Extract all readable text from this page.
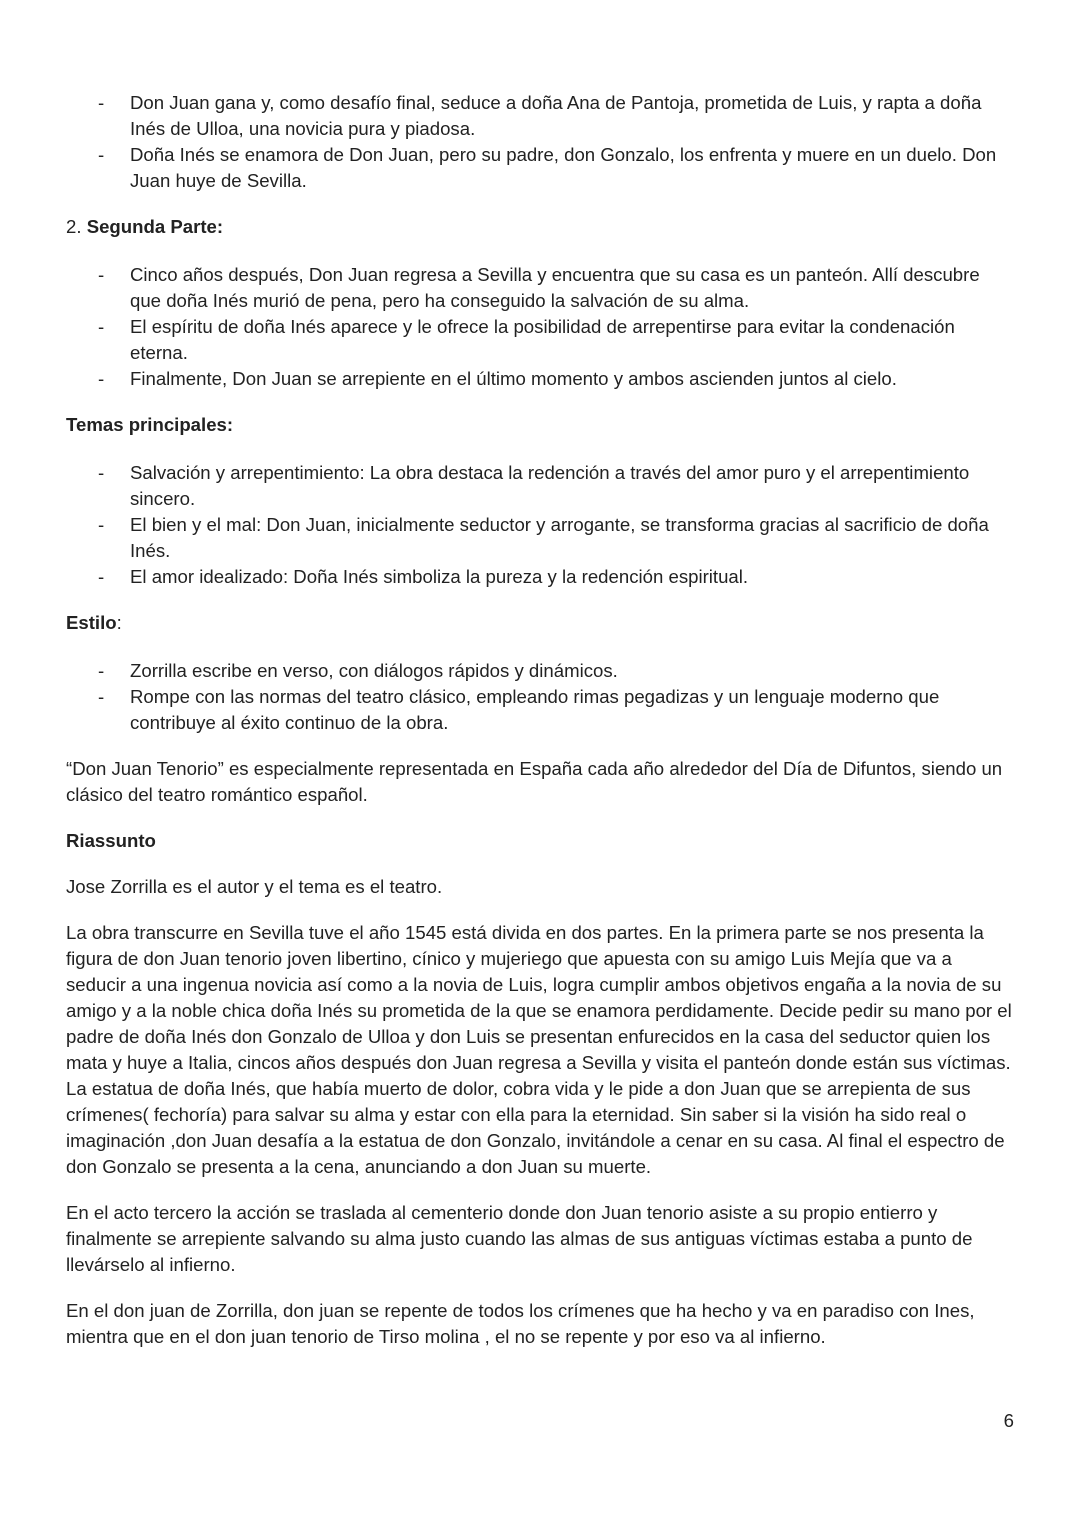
- Don Juan gana y, como desafío final, seduce a doña Ana de Pantoja, prometida de Luis, y rapta a doña Inés de Ulloa, una novicia pura y piadosa.
- Doña Inés se enamora de Don Juan, pero su padre, don Gonzalo, los enfrenta y muere en un duelo. Don Juan huye de Sevilla.

2. Segunda Parte:

- Cinco años después, Don Juan regresa a Sevilla y encuentra que su casa es un panteón. Allí descubre que doña Inés murió de pena, pero ha conseguido la salvación de su alma.
- El espíritu de doña Inés aparece y le ofrece la posibilidad de arrepentirse para evitar la condenación eterna.
- Finalmente, Don Juan se arrepiente en el último momento y ambos ascienden juntos al cielo.

Temas principales:

- Salvación y arrepentimiento: La obra destaca la redención a través del amor puro y el arrepentimiento sincero.
- El bien y el mal: Don Juan, inicialmente seductor y arrogante, se transforma gracias al sacrificio de doña Inés.
- El amor idealizado: Doña Inés simboliza la pureza y la redención espiritual.

Estilo:

- Zorrilla escribe en verso, con diálogos rápidos y dinámicos.
- Rompe con las normas del teatro clásico, empleando rimas pegadizas y un lenguaje moderno que contribuye al éxito continuo de la obra.

“Don Juan Tenorio” es especialmente representada en España cada año alrededor del Día de Difuntos, siendo un clásico del teatro romántico español.

Riassunto

Jose Zorrilla es el autor y el tema es el teatro.

La obra transcurre en Sevilla tuve el año 1545 está divida en dos partes. En la primera parte se nos presenta la figura de don Juan tenorio joven libertino, cínico y mujeriego que apuesta con su amigo Luis Mejía que va a seducir a una ingenua novicia así como a la novia de Luis, logra cumplir ambos objetivos engaña a la novia de su amigo y a la noble chica doña Inés su prometida de la que se enamora perdidamente. Decide pedir su mano por el padre de doña Inés don Gonzalo de Ulloa y don Luis se presentan enfurecidos en la casa del seductor quien los mata y huye a Italia, cincos años después don Juan regresa a Sevilla y visita el panteón donde están sus víctimas. La estatua de doña Inés, que había muerto de dolor, cobra vida y le pide a don Juan que se arrepienta de sus crímenes( fechoría) para salvar su alma y estar con ella para la eternidad. Sin saber si la visión ha sido real o imaginación ,don Juan desafía a la estatua de don Gonzalo, invitándole a cenar en su casa. Al final el espectro de don Gonzalo se presenta a la cena, anunciando a don Juan su muerte.

En el acto tercero la acción se traslada al cementerio donde don Juan tenorio asiste a su propio entierro y finalmente se arrepiente salvando su alma justo cuando las almas de sus antiguas víctimas estaba a punto de llevárselo al infierno.

En el don juan de Zorrilla, don juan se repente de todos los crímenes que ha hecho y va en paradiso con Ines, mientra que en el don juan tenorio de Tirso molina , el no se repente y por eso va al infierno.

6
